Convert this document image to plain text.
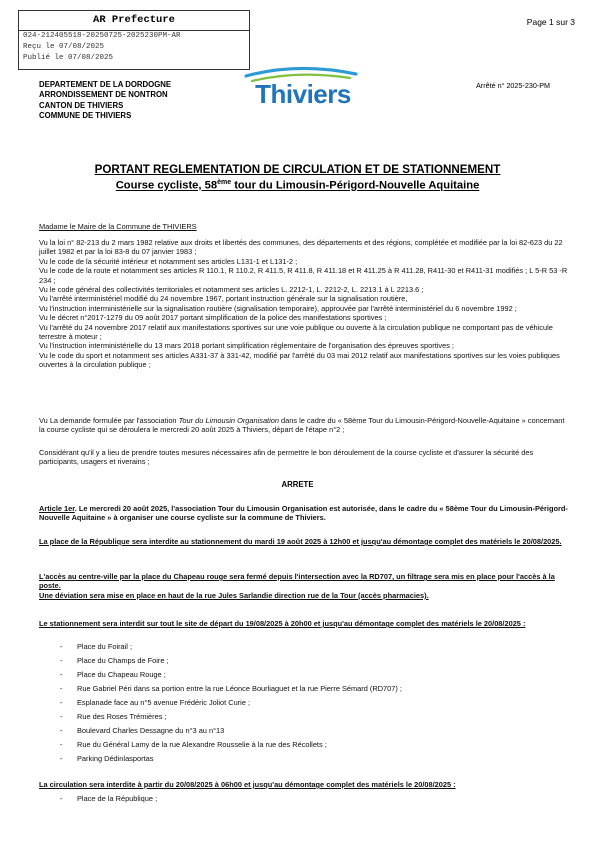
AR Prefecture
024-212405518-20250725-2025230PM-AR
Reçu le 07/08/2025
Publié le 07/08/2025
Page 1 sur 3
DEPARTEMENT DE LA DORDOGNE
ARRONDISSEMENT DE NONTRON
CANTON DE THIVIERS
COMMUNE DE THIVIERS
Thiviers	Arrêté n° 2025-230-PM
PORTANT REGLEMENTATION DE CIRCULATION ET DE STATIONNEMENT
Course cycliste, 58ème tour du Limousin-Périgord-Nouvelle Aquitaine
Madame le Maire de la Commune de THIVIERS
Vu la loi n° 82-213 du 2 mars 1982 relative aux droits et libertés des communes, des départements et des régions, complétée et modifiée par la loi 82-623 du 22 juillet 1982 et par la loi 83-8 du 07 janvier 1983 ;
Vu le code de la sécurité intérieur et notamment ses articles L131-1 et L131-2 ;
Vu le code de la route et notamment ses articles R 110.1, R 110.2, R 411.5, R 411.8, R 411.18 et R 411.25 à R 411.28, R411-30 et R411-31 modifiés ; L 5-R 53 -R 234 ;
Vu le code général des collectivités territoriales et notamment ses articles L. 2212-1, L. 2212-2, L. 2213.1 à L 2213.6 ;
Vu l'arrêté interministériel modifié du 24 novembre 1967, portant instruction générale sur la signalisation routière,
Vu l'instruction interministérielle sur la signalisation routière (signalisation temporaire), approuvée par l'arrêté interministériel du 6 novembre 1992 ;
Vu le décret n°2017-1279 du 09 août 2017 portant simplification de la police des manifestations sportives ;
Vu l'arrêté du 24 novembre 2017 relatif aux manifestations sportives sur une voie publique ou ouverte à la circulation publique ne comportant pas de véhicule terrestre à moteur ;
Vu l'instruction interministérielle du 13 mars 2018 portant simplification réglementaire de l'organisation des épreuves sportives ;
Vu le code du sport et notamment ses articles A331-37 à 331-42, modifié par l'arrêté du 03 mai 2012 relatif aux manifestations sportives sur les voies publiques ouvertes à la circulation publique ;
Vu La demande formulée par l'association Tour du Limousin Organisation dans le cadre du « 58ème Tour du Limousin-Périgord-Nouvelle-Aquitaine » concernant la course cycliste qui se déroulera le mercredi 20 août 2025 à Thiviers, départ de l'étape n°2 ;
Considérant qu'il y a lieu de prendre toutes mesures nécessaires afin de permettre le bon déroulement de la course cycliste et d'assurer la sécurité des participants, usagers et riverains ;
ARRETE
Article 1er. Le mercredi 20 août 2025, l'association Tour du Limousin Organisation est autorisée, dans le cadre du « 58ème Tour du Limousin-Périgord-Nouvelle Aquitaine » à organiser une course cycliste sur la commune de Thiviers.
La place de la République sera interdite au stationnement du mardi 19 août 2025 à 12h00 et jusqu'au démontage complet des matériels le 20/08/2025.
L'accès au centre-ville par la place du Chapeau rouge sera fermé depuis l'intersection avec la RD707, un filtrage sera mis en place pour l'accès à la poste.
Une déviation sera mise en place en haut de la rue Jules Sarlandie direction rue de la Tour (accès pharmacies).
Le stationnement sera interdit sur tout le site de départ du 19/08/2025 à 20h00 et jusqu'au démontage complet des matériels le 20/08/2025 :
- Place du Foirail ;
- Place du Champs de Foire ;
- Place du Chapeau Rouge ;
- Rue Gabriel Péri dans sa portion entre la rue Léonce Bourliaguet et la rue Pierre Sémard (RD707) ;
- Esplanade face au n°5 avenue Frédéric Joliot Curie ;
- Rue des Roses Trémières ;
- Boulevard Charles Dessagne du n°3 au n°13
- Rue du Général Lamy de la rue Alexandre Rousselie à la rue des Récollets ;
- Parking Dédinlasportas
La circulation sera interdite à partir du 20/08/2025 à 06h00 et jusqu'au démontage complet des matériels le 20/08/2025 :
- Place de la République ;
